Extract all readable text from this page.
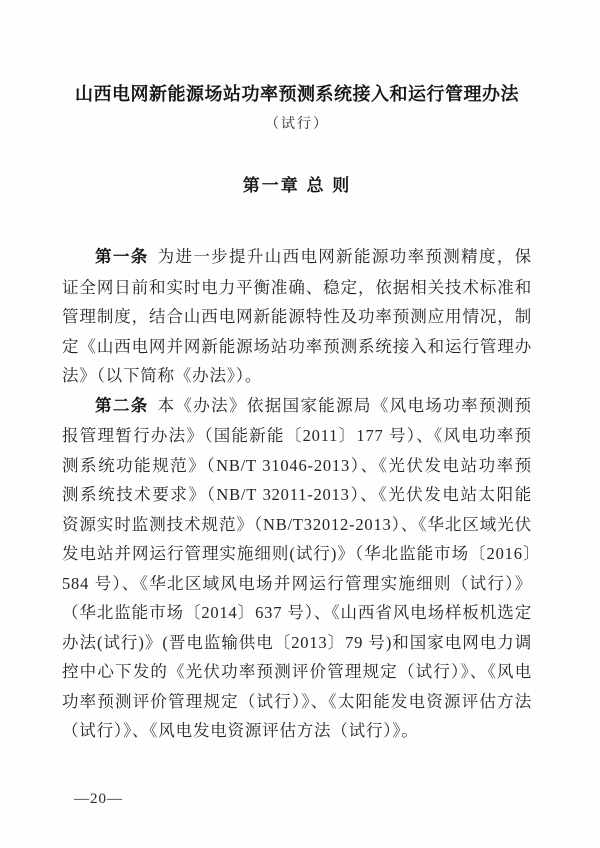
山西电网新能源场站功率预测系统接入和运行管理办法
（试行）
第一章 总 则

第一条 为进一步提升山西电网新能源功率预测精度，保证全网日前和实时电力平衡准确、稳定，依据相关技术标准和管理制度，结合山西电网新能源特性及功率预测应用情况，制定《山西电网并网新能源场站功率预测系统接入和运行管理办法》（以下简称《办法》）。

第二条 本《办法》依据国家能源局《风电场功率预测预报管理暂行办法》（国能新能〔2011〕177 号）、《风电功率预测系统功能规范》（NB/T 31046-2013）、《光伏发电站功率预测系统技术要求》（NB/T 32011-2013）、《光伏发电站太阳能资源实时监测技术规范》（NB/T32012-2013）、《华北区域光伏发电站并网运行管理实施细则(试行)》（华北监能市场〔2016〕584 号）、《华北区域风电场并网运行管理实施细则（试行）》（华北监能市场〔2014〕637 号）、《山西省风电场样板机选定办法(试行)》(晋电监输供电〔2013〕79 号)和国家电网电力调控中心下发的《光伏功率预测评价管理规定（试行）》、《风电功率预测评价管理规定（试行）》、《太阳能发电资源评估方法（试行）》、《风电发电资源评估方法（试行）》。

—20—
